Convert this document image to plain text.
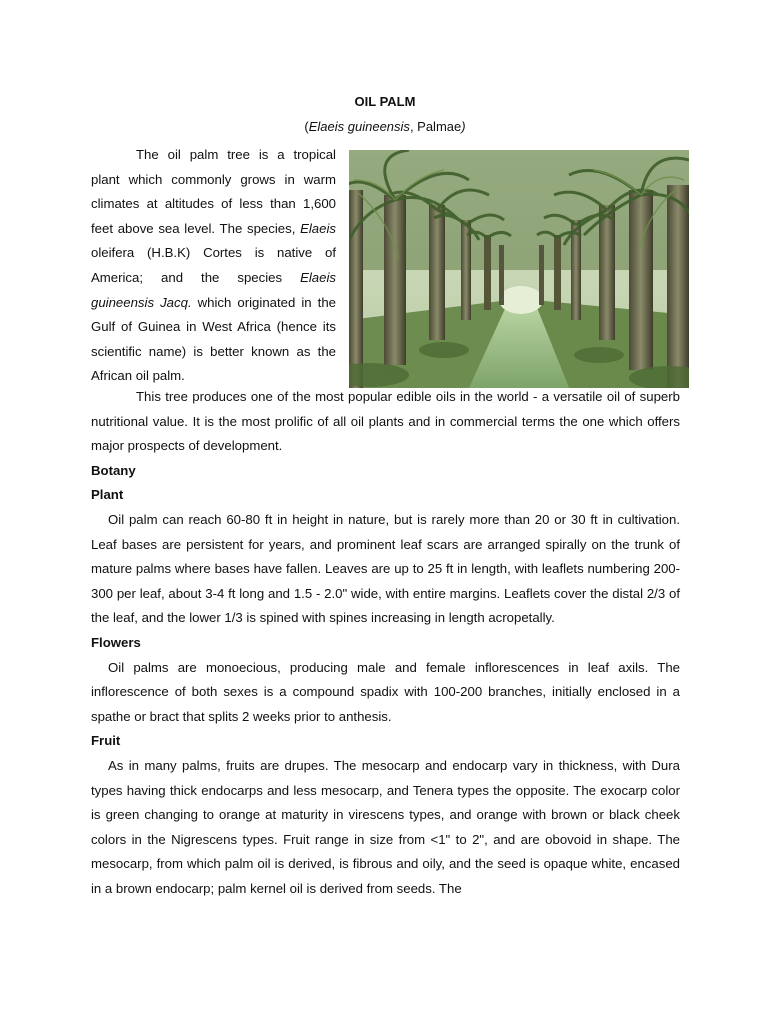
OIL PALM
(Elaeis guineensis, Palmae)

The oil palm tree is a tropical plant which commonly grows in warm climates at altitudes of less than 1,600 feet above sea level. The species, Elaeis oleifera (H.B.K) Cortes is native of America; and the species Elaeis guineensis Jacq. which originated in the Gulf of Guinea in West Africa (hence its scientific name) is better known as the African oil palm.

This tree produces one of the most popular edible oils in the world - a versatile oil of superb nutritional value. It is the most prolific of all oil plants and in commercial terms the one which offers major prospects of development.

Botany

Plant

Oil palm can reach 60-80 ft in height in nature, but is rarely more than 20 or 30 ft in cultivation. Leaf bases are persistent for years, and prominent leaf scars are arranged spirally on the trunk of mature palms where bases have fallen. Leaves are up to 25 ft in length, with leaflets numbering 200-300 per leaf, about 3-4 ft long and 1.5 - 2.0" wide, with entire margins. Leaflets cover the distal 2/3 of the leaf, and the lower 1/3 is spined with spines increasing in length acropetally.

Flowers

Oil palms are monoecious, producing male and female inflorescences in leaf axils. The inflorescence of both sexes is a compound spadix with 100-200 branches, initially enclosed in a spathe or bract that splits 2 weeks prior to anthesis.

Fruit

As in many palms, fruits are drupes. The mesocarp and endocarp vary in thickness, with Dura types having thick endocarps and less mesocarp, and Tenera types the opposite. The exocarp color is green changing to orange at maturity in virescens types, and orange with brown or black cheek colors in the Nigrescens types. Fruit range in size from <1" to 2", and are obovoid in shape. The mesocarp, from which palm oil is derived, is fibrous and oily, and the seed is opaque white, encased in a brown endocarp; palm kernel oil is derived from seeds. The
